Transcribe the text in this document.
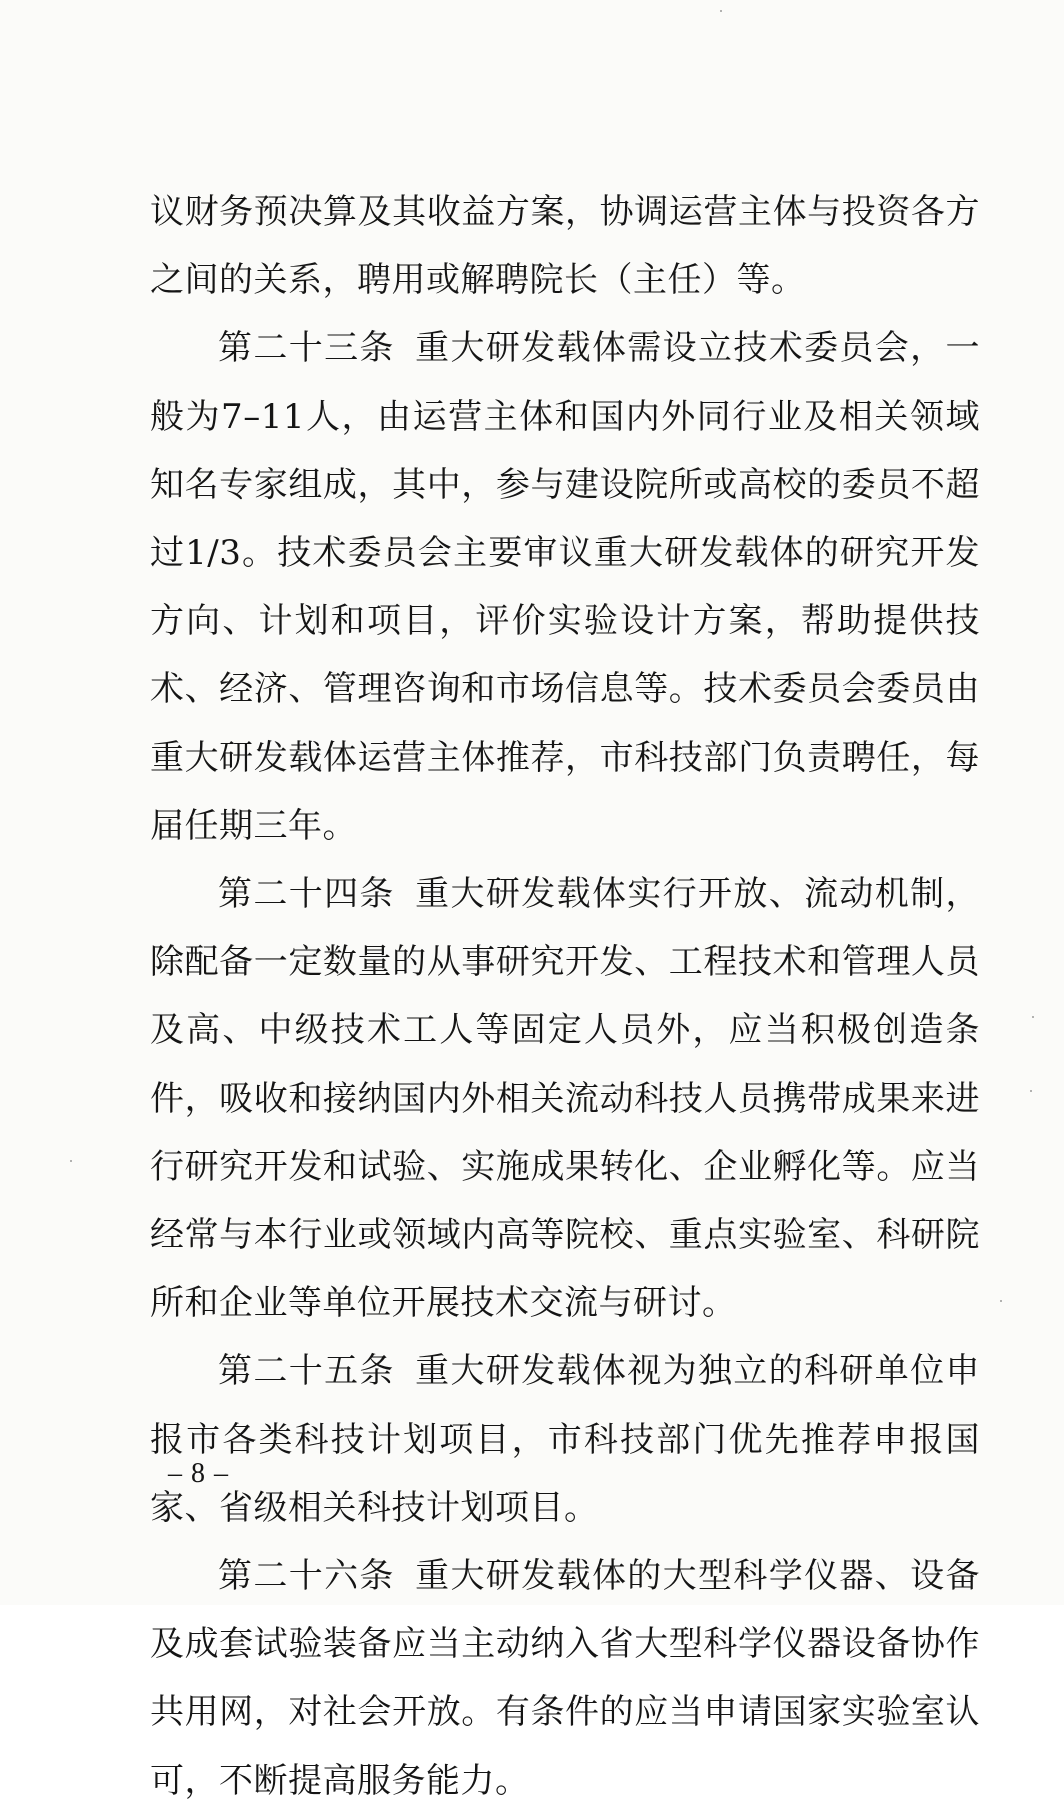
议财务预决算及其收益方案，协调运营主体与投资各方之间的关系，聘用或解聘院长（主任）等。

第二十三条 重大研发载体需设立技术委员会，一般为7–11人，由运营主体和国内外同行业及相关领域知名专家组成，其中，参与建设院所或高校的委员不超过1/3。技术委员会主要审议重大研发载体的研究开发方向、计划和项目，评价实验设计方案，帮助提供技术、经济、管理咨询和市场信息等。技术委员会委员由重大研发载体运营主体推荐，市科技部门负责聘任，每届任期三年。

第二十四条 重大研发载体实行开放、流动机制，除配备一定数量的从事研究开发、工程技术和管理人员及高、中级技术工人等固定人员外，应当积极创造条件，吸收和接纳国内外相关流动科技人员携带成果来进行研究开发和试验、实施成果转化、企业孵化等。应当经常与本行业或领域内高等院校、重点实验室、科研院所和企业等单位开展技术交流与研讨。

第二十五条 重大研发载体视为独立的科研单位申报市各类科技计划项目，市科技部门优先推荐申报国家、省级相关科技计划项目。

第二十六条 重大研发载体的大型科学仪器、设备及成套试验装备应当主动纳入省大型科学仪器设备协作共用网，对社会开放。有条件的应当申请国家实验室认可，不断提高服务能力。

– 8 –
